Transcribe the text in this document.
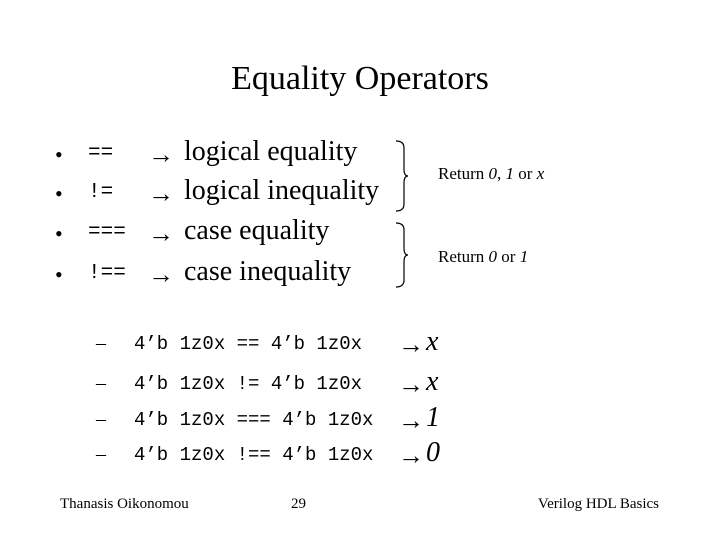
Equality Operators
• == → logical equality
• != → logical inequality
• === → case equality
• !== → case inequality
Return 0, 1 or x
Return 0 or 1
– 4’b 1z0x == 4’b 1z0x → x
– 4’b 1z0x != 4’b 1z0x → x
– 4’b 1z0x === 4’b 1z0x → 1
– 4’b 1z0x !== 4’b 1z0x → 0
Thanasis Oikonomou	29	Verilog HDL Basics
